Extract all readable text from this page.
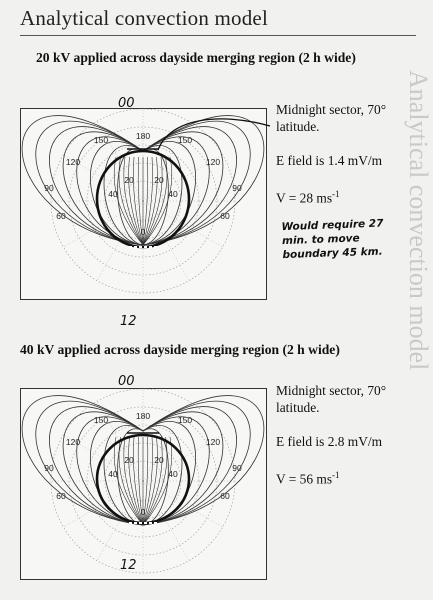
Analytical convection model
Analytical convection model
20 kV applied across dayside merging region (2 h wide)
180
150	150
120	120
90	90
60	60
40	40
20 20
0
00
12

Midnight sector, 70° latitude.

E field is 1.4 mV/m

V = 28 $ms^{-1}$

Would require 27 min. to move boundary 45 km.
40 kV applied across dayside merging region (2 h wide)
180
150	150
120	120
90	90
60	60
40	40
20 20
0
00
12

Midnight sector, 70° latitude.

E field is 2.8 mV/m

V = 56 $ms^{-1}$
